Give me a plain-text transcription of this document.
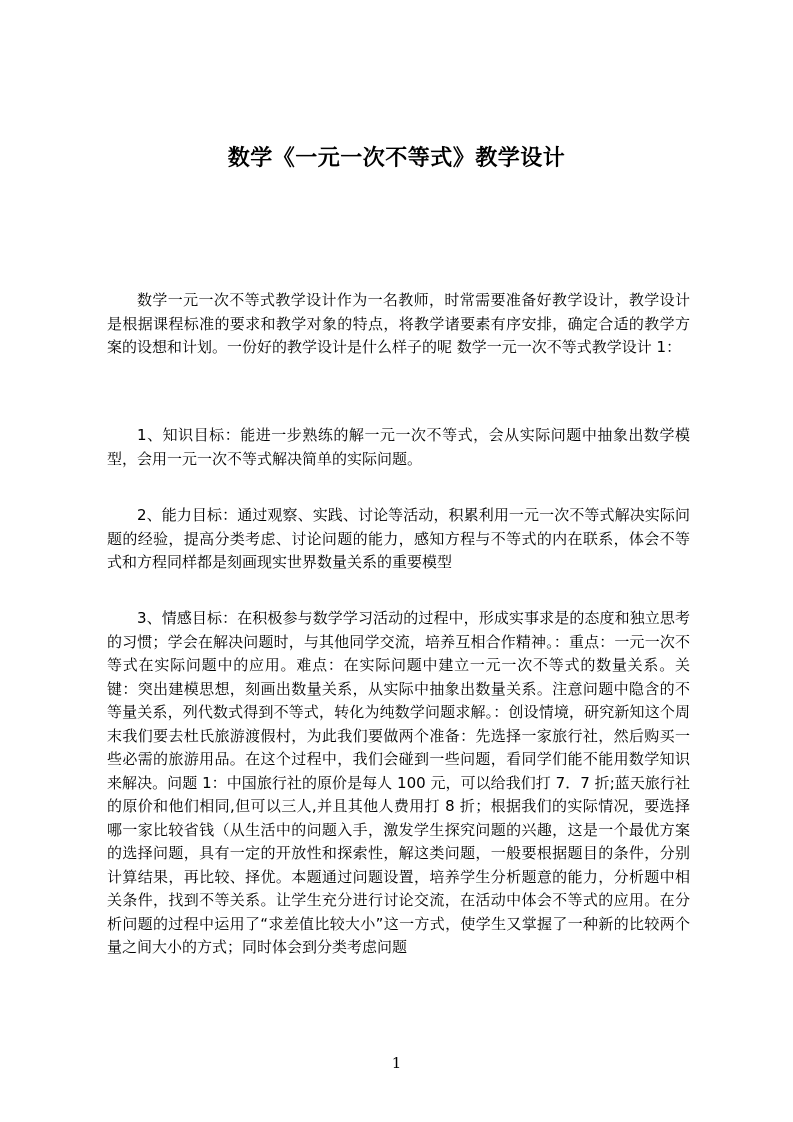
数学《一元一次不等式》教学设计

数学一元一次不等式教学设计作为一名教师，时常需要准备好教学设计，教学设计是根据课程标准的要求和教学对象的特点，将教学诸要素有序安排，确定合适的教学方案的设想和计划。一份好的教学设计是什么样子的呢 数学一元一次不等式教学设计 1：

1、知识目标：能进一步熟练的解一元一次不等式，会从实际问题中抽象出数学模型，会用一元一次不等式解决简单的实际问题。

2、能力目标：通过观察、实践、讨论等活动，积累利用一元一次不等式解决实际问题的经验，提高分类考虑、讨论问题的能力，感知方程与不等式的内在联系，体会不等式和方程同样都是刻画现实世界数量关系的重要模型

3、情感目标：在积极参与数学学习活动的过程中，形成实事求是的态度和独立思考的习惯；学会在解决问题时，与其他同学交流，培养互相合作精神。：重点：一元一次不等式在实际问题中的应用。难点：在实际问题中建立一元一次不等式的数量关系。关键：突出建模思想，刻画出数量关系，从实际中抽象出数量关系。注意问题中隐含的不等量关系，列代数式得到不等式，转化为纯数学问题求解。：创设情境，研究新知这个周末我们要去杜氏旅游渡假村，为此我们要做两个准备：先选择一家旅行社，然后购买一些必需的旅游用品。在这个过程中，我们会碰到一些问题，看同学们能不能用数学知识来解决。问题 1：中国旅行社的原价是每人 100 元，可以给我们打 7．7 折;蓝天旅行社的原价和他们相同,但可以三人,并且其他人费用打 8 折；根据我们的实际情况，要选择哪一家比较省钱（从生活中的问题入手，激发学生探究问题的兴趣，这是一个最优方案的选择问题，具有一定的开放性和探索性，解这类问题，一般要根据题目的条件，分别计算结果，再比较、择优。本题通过问题设置，培养学生分析题意的能力，分析题中相关条件，找到不等关系。让学生充分进行讨论交流，在活动中体会不等式的应用。在分析问题的过程中运用了“求差值比较大小”这一方式，使学生又掌握了一种新的比较两个量之间大小的方式；同时体会到分类考虑问题

1
